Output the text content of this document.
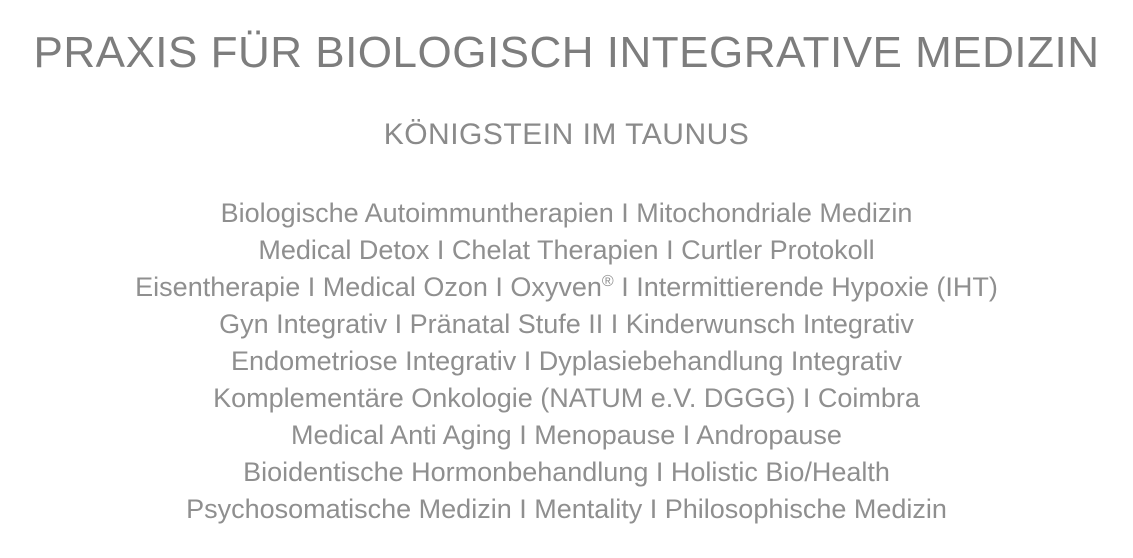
PRAXIS FÜR BIOLOGISCH INTEGRATIVE MEDIZIN
KÖNIGSTEIN IM TAUNUS
Biologische Autoimmuntherapien I Mitochondriale Medizin
Medical Detox I Chelat Therapien I Curtler Protokoll
Eisentherapie I Medical Ozon I Oxyven® I Intermittierende Hypoxie (IHT)
Gyn Integrativ I Pränatal Stufe II I Kinderwunsch Integrativ
Endometriose Integrativ I Dyplasiebehandlung Integrativ
Komplementäre Onkologie (NATUM e.V. DGGG) I Coimbra
Medical Anti Aging I Menopause I Andropause
Bioidentische Hormonbehandlung I Holistic Bio/Health
Psychosomatische Medizin I Mentality I Philosophische Medizin
